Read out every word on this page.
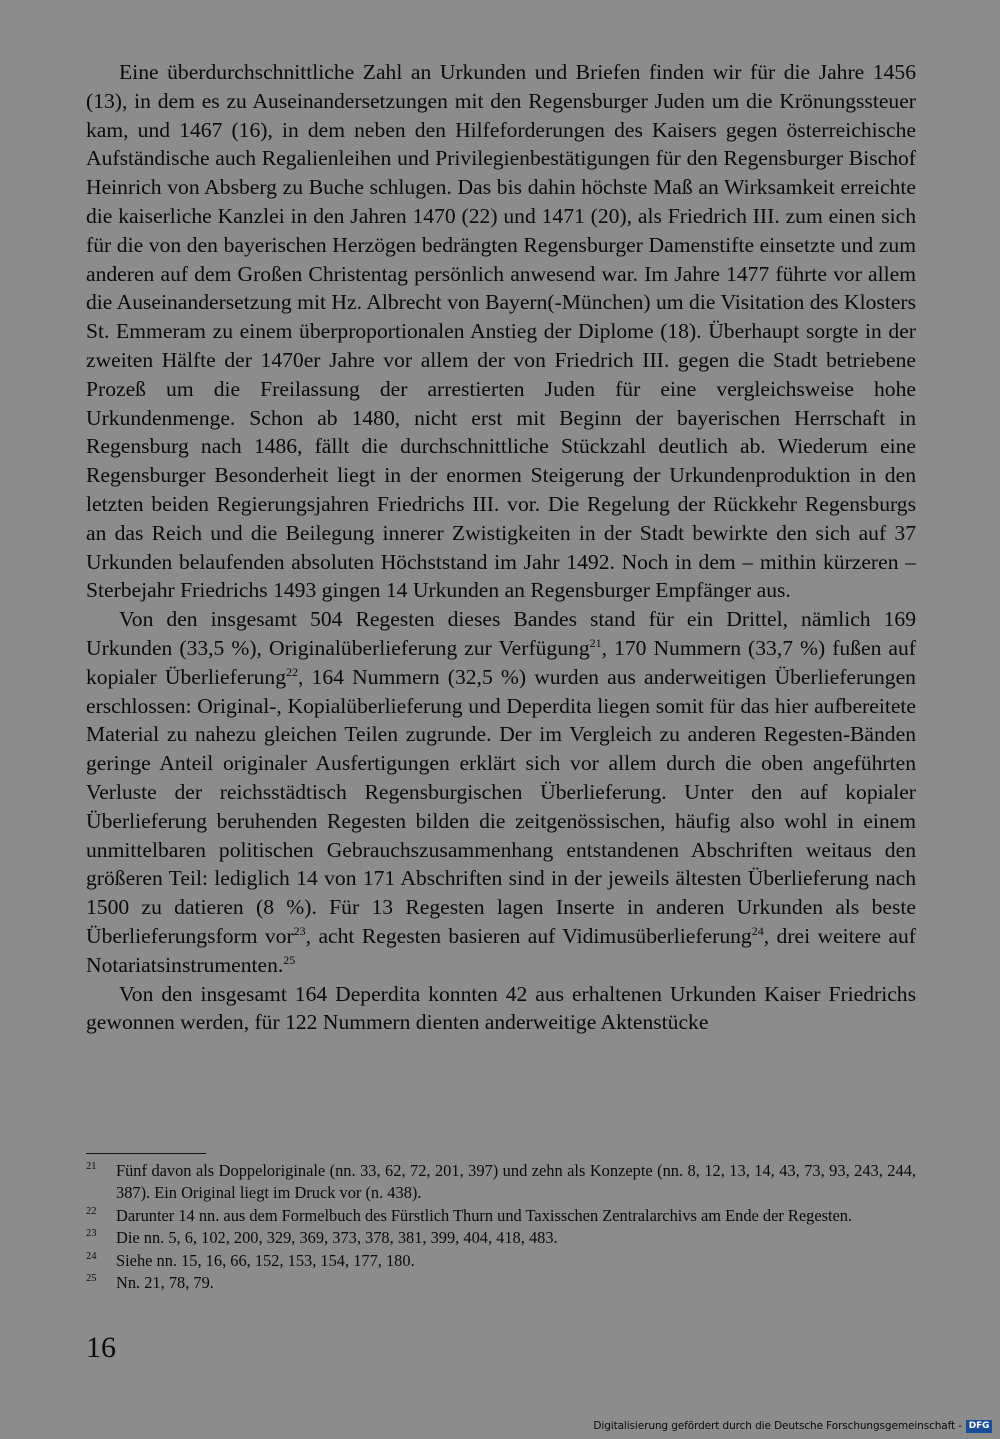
Eine überdurchschnittliche Zahl an Urkunden und Briefen finden wir für die Jahre 1456 (13), in dem es zu Auseinandersetzungen mit den Regensburger Juden um die Krönungssteuer kam, und 1467 (16), in dem neben den Hilfeforderungen des Kaisers gegen österreichische Aufständische auch Regalienleihen und Privilegienbestätigungen für den Regensburger Bischof Heinrich von Absberg zu Buche schlugen. Das bis dahin höchste Maß an Wirksamkeit erreichte die kaiserliche Kanzlei in den Jahren 1470 (22) und 1471 (20), als Friedrich III. zum einen sich für die von den bayerischen Herzögen bedrängten Regensburger Damenstifte einsetzte und zum anderen auf dem Großen Christentag persönlich anwesend war. Im Jahre 1477 führte vor allem die Auseinandersetzung mit Hz. Albrecht von Bayern(-München) um die Visitation des Klosters St. Emmeram zu einem überproportionalen Anstieg der Diplome (18). Überhaupt sorgte in der zweiten Hälfte der 1470er Jahre vor allem der von Friedrich III. gegen die Stadt betriebene Prozeß um die Freilassung der arrestierten Juden für eine vergleichsweise hohe Urkundenmenge. Schon ab 1480, nicht erst mit Beginn der bayerischen Herrschaft in Regensburg nach 1486, fällt die durchschnittliche Stückzahl deutlich ab. Wiederum eine Regensburger Besonderheit liegt in der enormen Steigerung der Urkundenproduktion in den letzten beiden Regierungsjahren Friedrichs III. vor. Die Regelung der Rückkehr Regensburgs an das Reich und die Beilegung innerer Zwistigkeiten in der Stadt bewirkte den sich auf 37 Urkunden belaufenden absoluten Höchststand im Jahr 1492. Noch in dem – mithin kürzeren – Sterbejahr Friedrichs 1493 gingen 14 Urkunden an Regensburger Empfänger aus.

Von den insgesamt 504 Regesten dieses Bandes stand für ein Drittel, nämlich 169 Urkunden (33,5 %), Originalüberlieferung zur Verfügung$^{21}$, 170 Nummern (33,7 %) fußen auf kopialer Überlieferung$^{22}$, 164 Nummern (32,5 %) wurden aus anderweitigen Überlieferungen erschlossen: Original-, Kopialüberlieferung und Deperdita liegen somit für das hier aufbereitete Material zu nahezu gleichen Teilen zugrunde. Der im Vergleich zu anderen Regesten-Bänden geringe Anteil originaler Ausfertigungen erklärt sich vor allem durch die oben angeführten Verluste der reichsstädtisch Regensburgischen Überlieferung. Unter den auf kopialer Überlieferung beruhenden Regesten bilden die zeitgenössischen, häufig also wohl in einem unmittelbaren politischen Gebrauchszusammenhang entstandenen Abschriften weitaus den größeren Teil: lediglich 14 von 171 Abschriften sind in der jeweils ältesten Überlieferung nach 1500 zu datieren (8 %). Für 13 Regesten lagen Inserte in anderen Urkunden als beste Überlieferungsform vor$^{23}$, acht Regesten basieren auf Vidimusüberlieferung$^{24}$, drei weitere auf Notariatsinstrumenten.$^{25}$

Von den insgesamt 164 Deperdita konnten 42 aus erhaltenen Urkunden Kaiser Friedrichs gewonnen werden, für 122 Nummern dienten anderweitige Aktenstücke

21	Fünf davon als Doppeloriginale (nn. 33, 62, 72, 201, 397) und zehn als Konzepte (nn. 8, 12, 13, 14, 43, 73, 93, 243, 244, 387). Ein Original liegt im Druck vor (n. 438).
22	Darunter 14 nn. aus dem Formelbuch des Fürstlich Thurn und Taxisschen Zentralarchivs am Ende der Regesten.
23	Die nn. 5, 6, 102, 200, 329, 369, 373, 378, 381, 399, 404, 418, 483.
24	Siehe nn. 15, 16, 66, 152, 153, 154, 177, 180.
25	Nn. 21, 78, 79.
16
Digitalisierung gefördert durch die Deutsche Forschungsgemeinschaft - DFG
